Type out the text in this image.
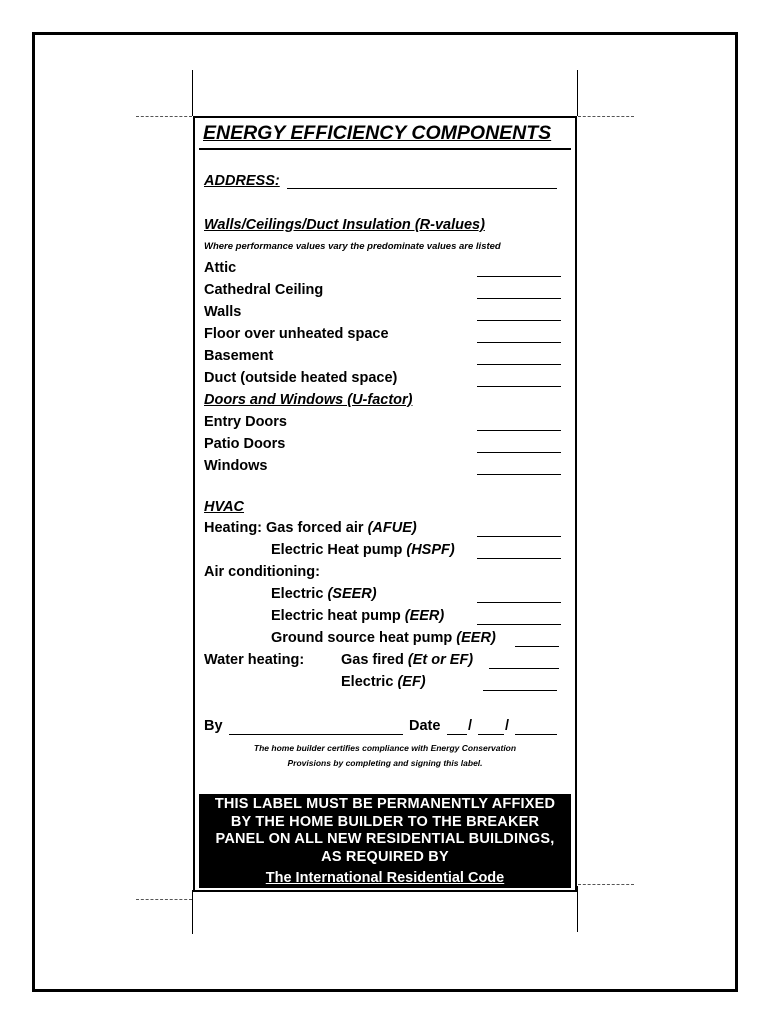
ENERGY EFFICIENCY COMPONENTS
ADDRESS:
Walls/Ceilings/Duct Insulation (R-values)
Where performance values vary the predominate values are listed
Attic
Cathedral Ceiling
Walls
Floor over unheated space
Basement
Duct (outside heated space)
Doors and Windows (U-factor)
Entry Doors
Patio Doors
Windows
HVAC
Heating: Gas forced air (AFUE)
Electric Heat pump (HSPF)
Air conditioning:
Electric (SEER)
Electric heat pump (EER)
Ground source heat pump (EER)
Water heating:	Gas fired (Et or EF)
Electric (EF)
By	Date / /
The home builder certifies compliance with Energy Conservation
Provisions by completing and signing this label.
THIS LABEL MUST BE PERMANENTLY AFFIXED
BY THE HOME BUILDER TO THE BREAKER
PANEL ON ALL NEW RESIDENTIAL BUILDINGS,
AS REQUIRED BY
The International Residential Code
